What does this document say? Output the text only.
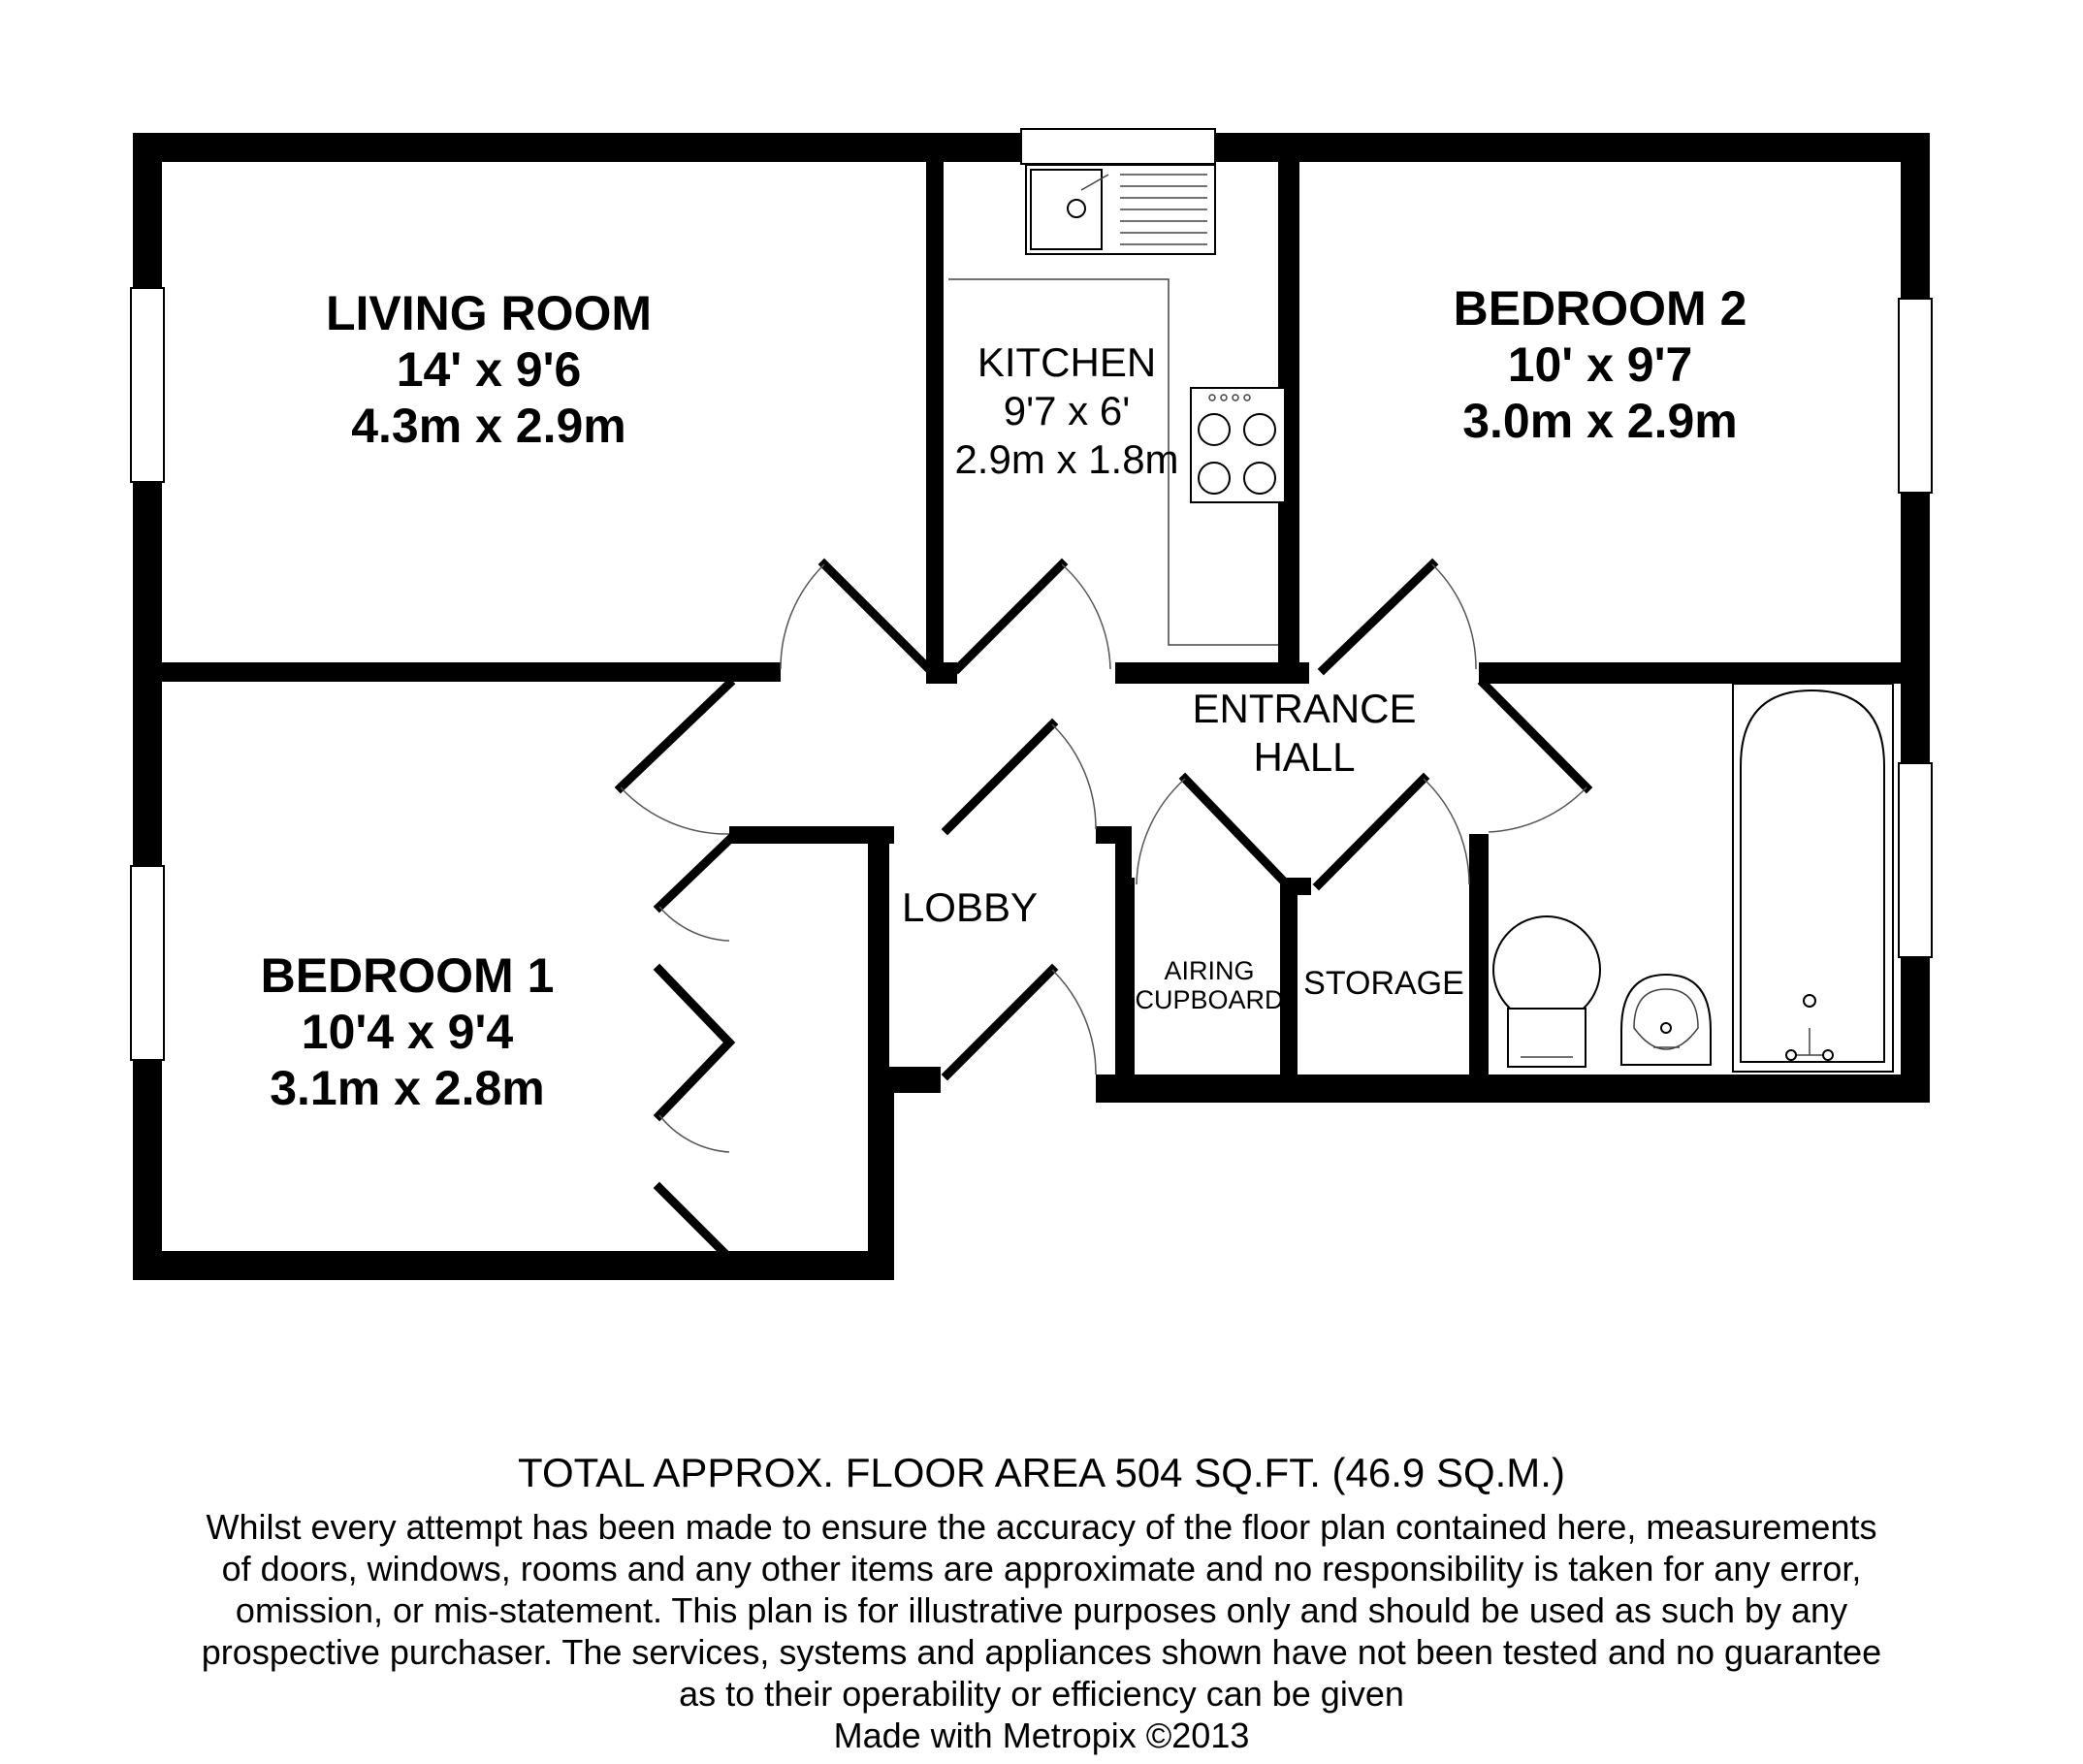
LIVING ROOM
14' x 9'6
4.3m x 2.9m
KITCHEN
9'7 x 6'
2.9m x 1.8m
BEDROOM 2
10' x 9'7
3.0m x 2.9m
BEDROOM 1
10'4 x 9'4
3.1m x 2.8m
ENTRANCE
HALL
LOBBY
AIRING
CUPBOARD STORAGE
TOTAL APPROX. FLOOR AREA 504 SQ.FT. (46.9 SQ.M.)
Whilst every attempt has been made to ensure the accuracy of the floor plan contained here, measurements
of doors, windows, rooms and any other items are approximate and no responsibility is taken for any error,
omission, or mis-statement. This plan is for illustrative purposes only and should be used as such by any
prospective purchaser. The services, systems and appliances shown have not been tested and no guarantee
as to their operability or efficiency can be given
Made with Metropix ©2013
